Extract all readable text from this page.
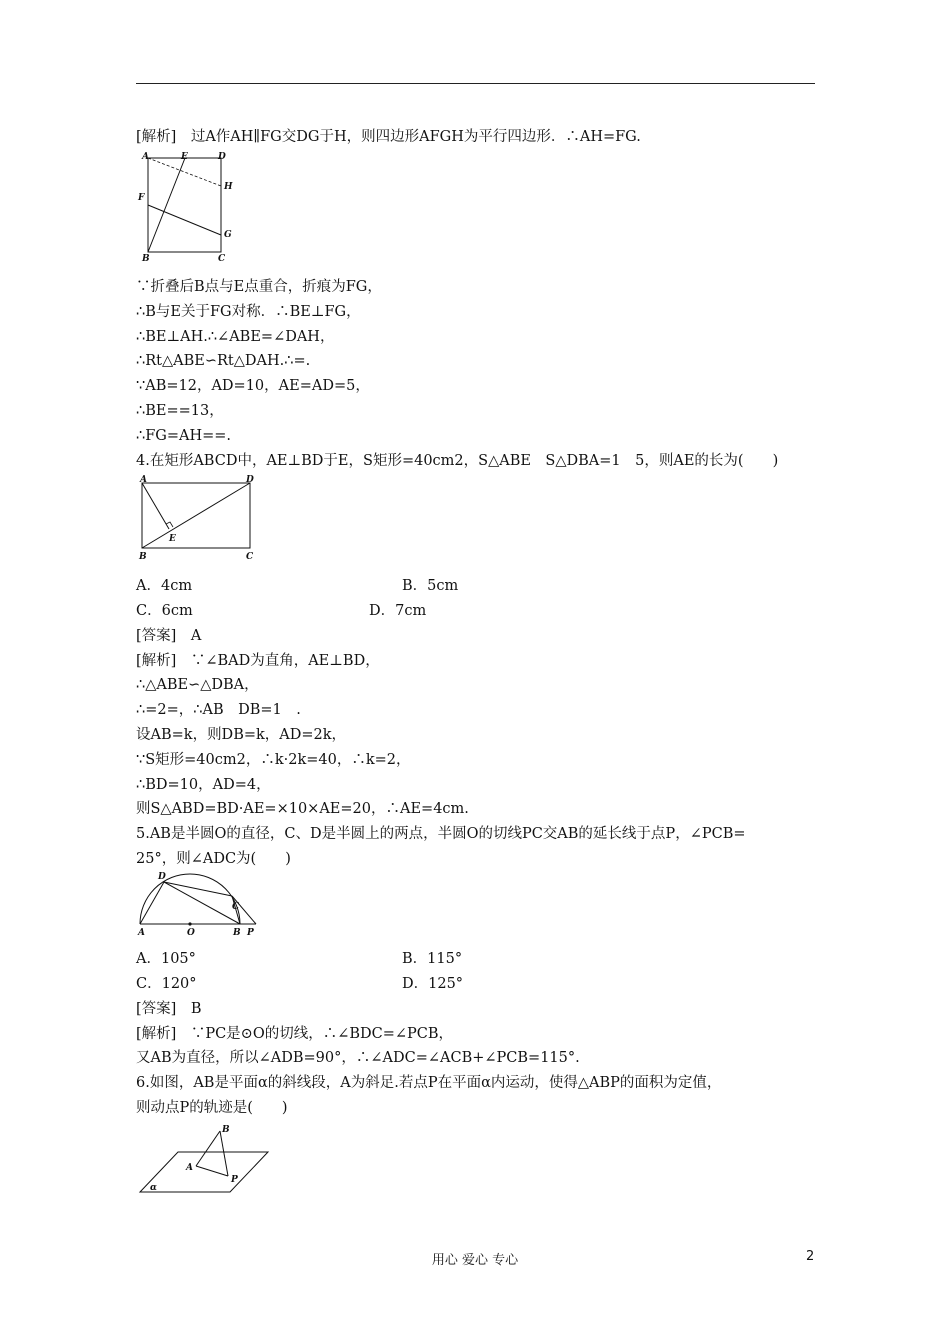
[解析]　过A作AH∥FG交DG于H，则四边形AFGH为平行四边形．∴AH=FG.
A	E	D
H
F
G
B	C
∵折叠后B点与E点重合，折痕为FG，
∴B与E关于FG对称．∴BE⊥FG，
∴BE⊥AH.∴∠ABE=∠DAH，
∴Rt△ABE∽Rt△DAH.∴=.
∵AB=12，AD=10，AE=AD=5，
∴BE==13，
∴FG=AH==.
4.在矩形ABCD中，AE⊥BD于E，S矩形=40cm2，S△ABE　S△DBA=1　5，则AE的长为(　　)
A	D
E
B	C
A．4cm	B．5cm
C．6cm	D．7cm
[答案]　A
[解析]　∵∠BAD为直角，AE⊥BD，
∴△ABE∽△DBA，
∴=2=，∴AB　DB=1　.
设AB=k，则DB=k，AD=2k，
∵S矩形=40cm2，∴k·2k=40，∴k=2，
∴BD=10，AD=4，
则S△ABD=BD·AE=×10×AE=20，∴AE=4cm.
5.AB是半圆O的直径，C、D是半圆上的两点，半圆O的切线PC交AB的延长线于点P，∠PCB=
25°，则∠ADC为(　　)
D
C
A	O	B P
A．105°	B．115°
C．120°	D．125°
[答案]　B
[解析]　∵PC是⊙O的切线，∴∠BDC=∠PCB，
又AB为直径，所以∠ADB=90°，∴∠ADC=∠ACB+∠PCB=115°.
6.如图，AB是平面α的斜线段，A为斜足.若点P在平面α内运动，使得△ABP的面积为定值，
则动点P的轨迹是(　　)
B
A
P
α
用心 爱心 专心	2
